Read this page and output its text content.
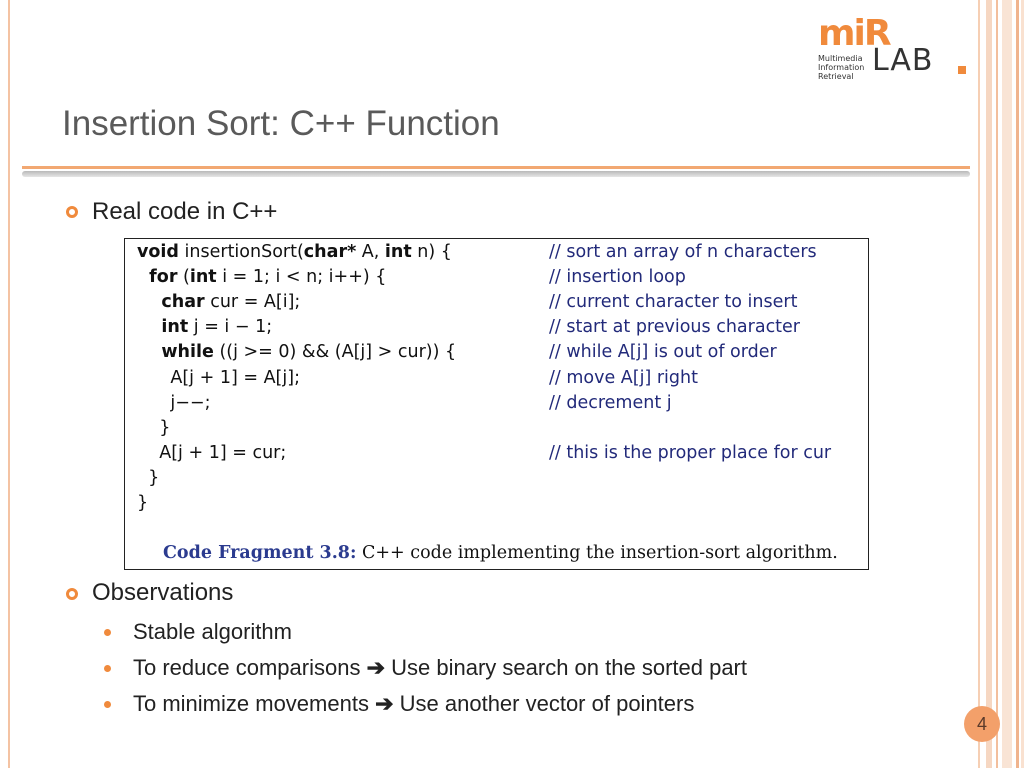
miR
Multimedia
Information
Retrieval LAB
Insertion Sort: C++ Function
Real code in C++
void insertionSort(char* A, int n) {
for (int i = 1; i < n; i++) {
char cur = A[i];
int j = i − 1;
while ((j >= 0) && (A[j] > cur)) {
A[j + 1] = A[j];
j−−;
}
A[j + 1] = cur;
}
}
// sort an array of n characters
// insertion loop
// current character to insert
// start at previous character
// while A[j] is out of order
// move A[j] right
// decrement j
// this is the proper place for cur
Code Fragment 3.8: C++ code implementing the insertion-sort algorithm.
Observations
Stable algorithm
To reduce comparisons ➔ Use binary search on the sorted part
To minimize movements ➔ Use another vector of pointers
4
